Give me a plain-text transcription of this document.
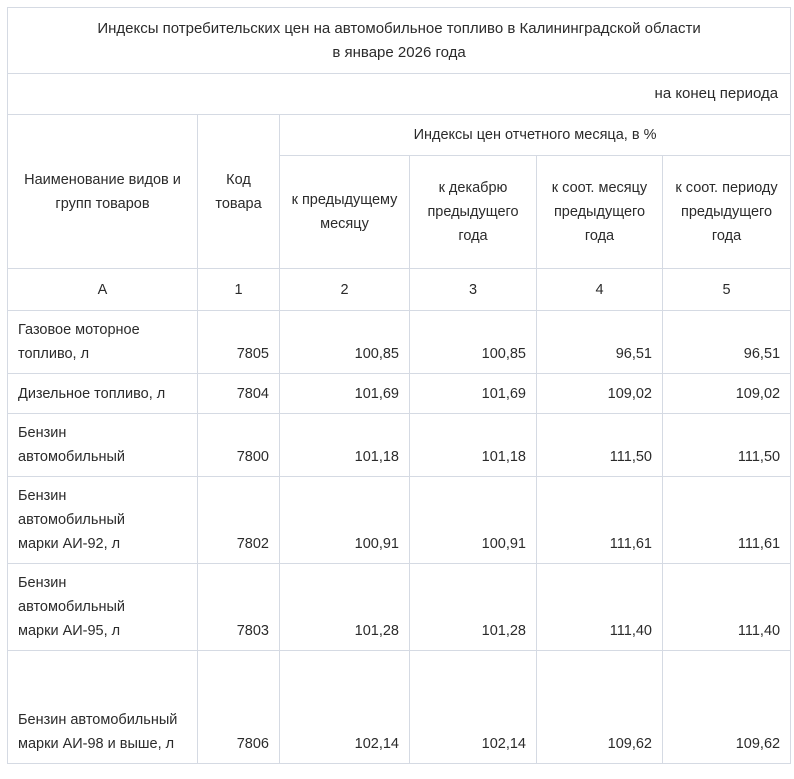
Индексы потребительских цен на автомобильное топливо в Калининградской области
в январе 2026 года					

на конец периода					
Наименование видов и групп товаров	Код товара	Индексы цен отчетного месяца, в %			
		к предыдущему месяцу	к декабрю предыдущего года	к соот. месяцу предыдущего года	к соот. периоду предыдущего года
А	1	2	3	4	5
Газовое моторное топливо, л	7805	100,85	100,85	96,51	96,51
Дизельное топливо, л	7804	101,69	101,69	109,02	109,02
Бензин автомобильный	7800	101,18	101,18	111,50	111,50
Бензин автомобильный марки АИ-92, л	7802	100,91	100,91	111,61	111,61
Бензин автомобильный марки АИ-95, л	7803	101,28	101,28	111,40	111,40
Бензин автомобильный марки АИ-98 и выше, л	7806	102,14	102,14	109,62	109,62
